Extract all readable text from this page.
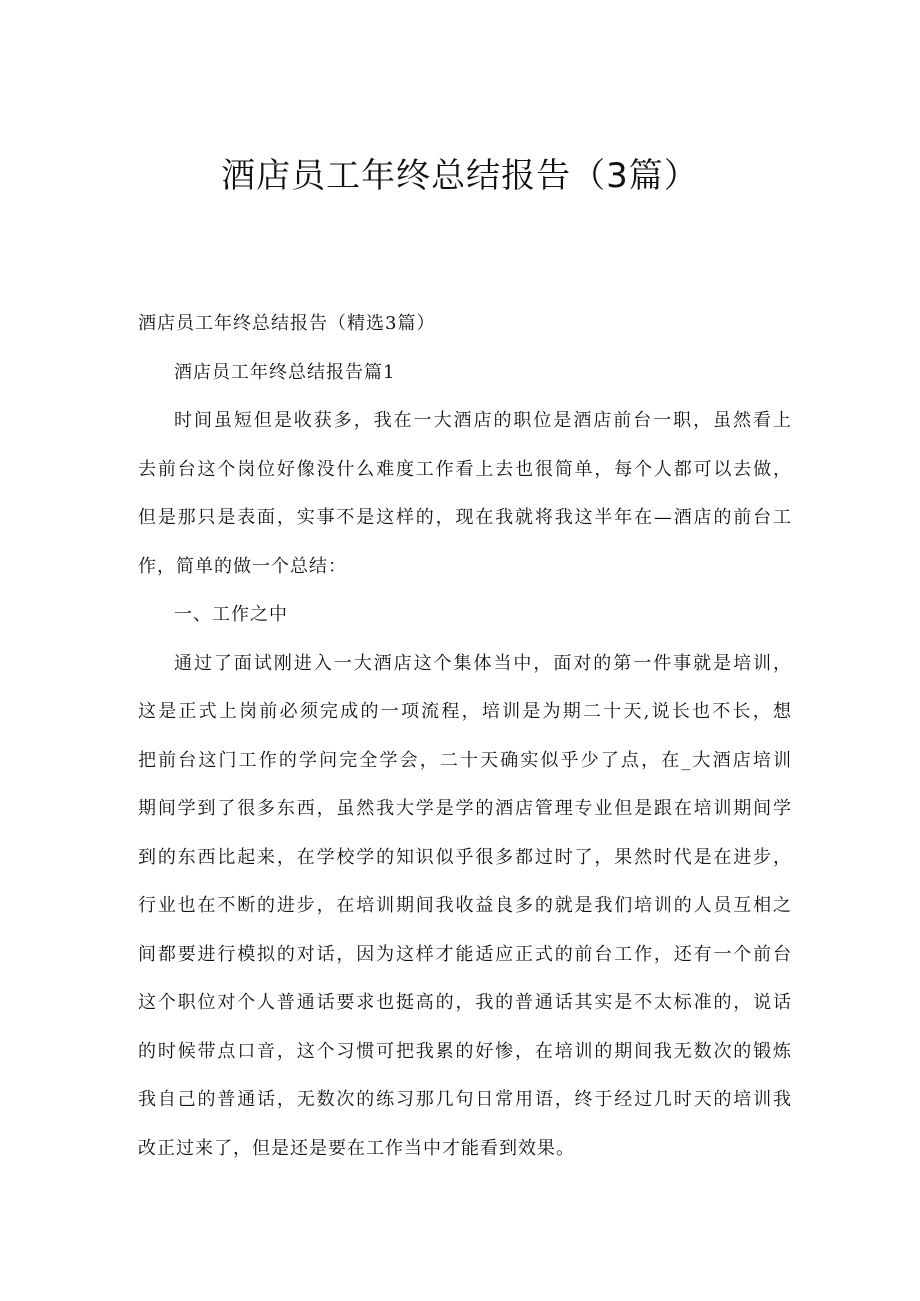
酒店员工年终总结报告（3篇）
酒店员工年终总结报告（精选3篇）
酒店员工年终总结报告篇1
时间虽短但是收获多，我在一大酒店的职位是酒店前台一职，虽然看上
去前台这个岗位好像没什么难度工作看上去也很简单，每个人都可以去做，
但是那只是表面，实事不是这样的，现在我就将我这半年在—酒店的前台工
作，简单的做一个总结：
一、工作之中
通过了面试刚进入一大酒店这个集体当中，面对的第一件事就是培训，
这是正式上岗前必须完成的一项流程，培训是为期二十天,说长也不长，想
把前台这门工作的学问完全学会，二十天确实似乎少了点，在_大酒店培训
期间学到了很多东西，虽然我大学是学的酒店管理专业但是跟在培训期间学
到的东西比起来，在学校学的知识似乎很多都过时了，果然时代是在进步，
行业也在不断的进步，在培训期间我收益良多的就是我们培训的人员互相之
间都要进行模拟的对话，因为这样才能适应正式的前台工作，还有一个前台
这个职位对个人普通话要求也挺高的，我的普通话其实是不太标准的，说话
的时候带点口音，这个习惯可把我累的好惨，在培训的期间我无数次的锻炼
我自己的普通话，无数次的练习那几句日常用语，终于经过几时天的培训我
改正过来了，但是还是要在工作当中才能看到效果。
